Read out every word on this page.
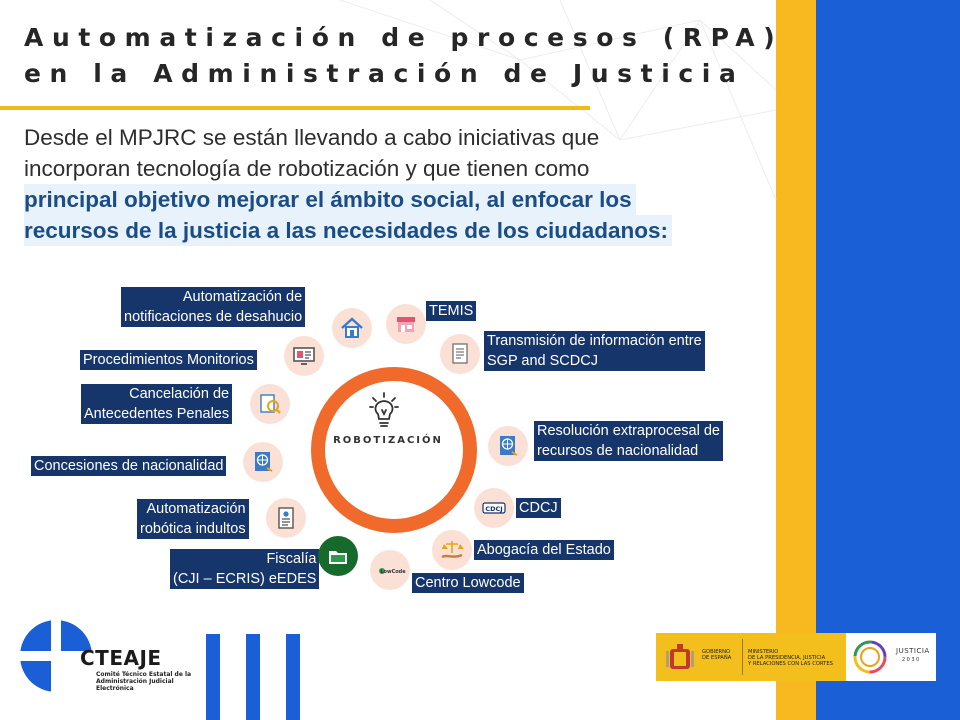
Automatización de procesos (RPA)
en la Administración de Justicia

Desde el MPJRC se están llevando a cabo iniciativas que
incorporan tecnología de robotización y que tienen como
principal objetivo mejorar el ámbito social, al enfocar los
recursos de la justicia a las necesidades de los ciudadanos:

ROBOTIZACIÓN

Automatización de
notificaciones de desahucio	TEMIS
Transmisión de información entre
SGP and SCDCJ
Procedimientos Monitorios
Cancelación de
Antecedentes Penales
Resolución extraprocesal de
recursos de nacionalidad
Concesiones de nacionalidad
CDCJ CDCJ
Automatización
robótica indultos
Abogacía del Estado
Fiscalía
(CJI – ECRIS) eEDES	LowCode
Centro Lowcode

CTEAJE

Comité Técnico Estatal de la
Administración Judicial Electrónica

GOBIERNO
DE ESPAÑA

MINISTERIO
DE LA PRESIDENCIA, JUSTICIA
Y RELACIONES CON LAS CORTES

JUSTICIA

2030
